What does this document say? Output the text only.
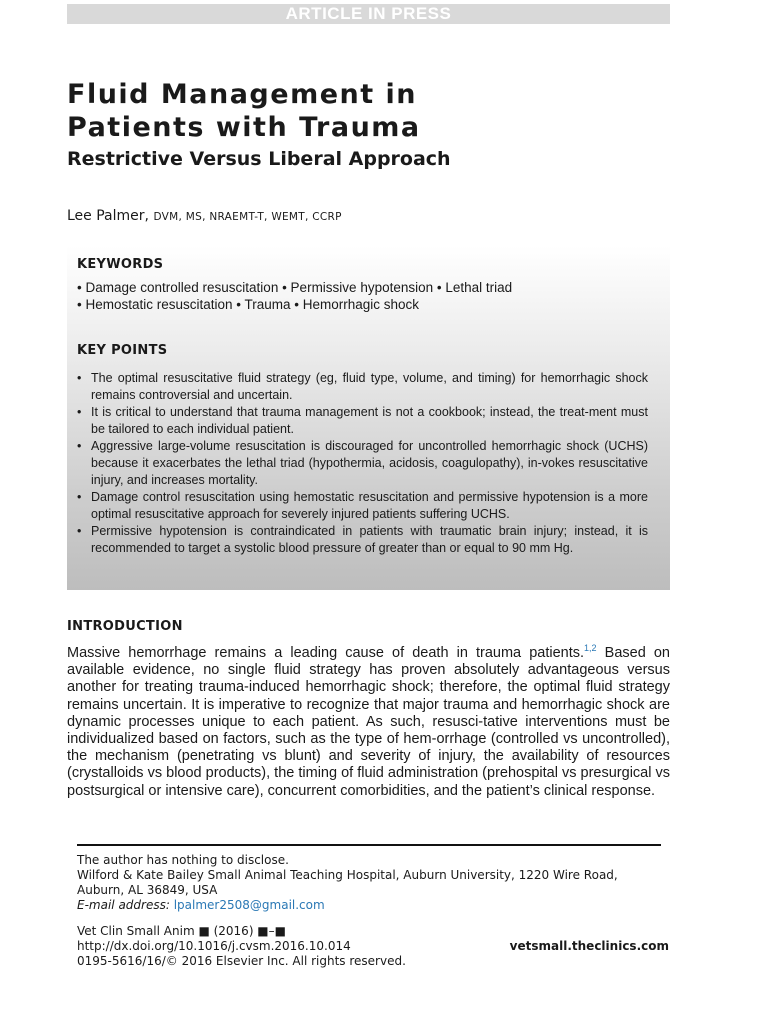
ARTICLE IN PRESS
Fluid Management in
Patients with Trauma
Restrictive Versus Liberal Approach
Lee Palmer, DVM, MS, NRAEMT-T, WEMT, CCRP
KEYWORDS
• Damage controlled resuscitation • Permissive hypotension • Lethal triad
• Hemostatic resuscitation • Trauma • Hemorrhagic shock
KEY POINTS
• The optimal resuscitative fluid strategy (eg, fluid type, volume, and timing) for hemorrhagic shock remains controversial and uncertain.
• It is critical to understand that trauma management is not a cookbook; instead, the treat-ment must be tailored to each individual patient.
• Aggressive large-volume resuscitation is discouraged for uncontrolled hemorrhagic shock (UCHS) because it exacerbates the lethal triad (hypothermia, acidosis, coagulopathy), in-vokes resuscitative injury, and increases mortality.
• Damage control resuscitation using hemostatic resuscitation and permissive hypotension is a more optimal resuscitative approach for severely injured patients suffering UCHS.
• Permissive hypotension is contraindicated in patients with traumatic brain injury; instead, it is recommended to target a systolic blood pressure of greater than or equal to 90 mm Hg.
INTRODUCTION

Massive hemorrhage remains a leading cause of death in trauma patients.$^{1,2}$ Based on available evidence, no single fluid strategy has proven absolutely advantageous versus another for treating trauma-induced hemorrhagic shock; therefore, the optimal fluid strategy remains uncertain. It is imperative to recognize that major trauma and hemorrhagic shock are dynamic processes unique to each patient. As such, resusci-tative interventions must be individualized based on factors, such as the type of hem-orrhage (controlled vs uncontrolled), the mechanism (penetrating vs blunt) and severity of injury, the availability of resources (crystalloids vs blood products), the timing of fluid administration (prehospital vs presurgical vs postsurgical or intensive care), concurrent comorbidities, and the patient’s clinical response.

The author has nothing to disclose.
Wilford & Kate Bailey Small Animal Teaching Hospital, Auburn University, 1220 Wire Road,
Auburn, AL 36849, USA
E-mail address: lpalmer2508@gmail.com
Vet Clin Small Anim ■ (2016) ■–■
http://dx.doi.org/10.1016/j.cvsm.2016.10.014
0195-5616/16/© 2016 Elsevier Inc. All rights reserved.
vetsmall.theclinics.com
